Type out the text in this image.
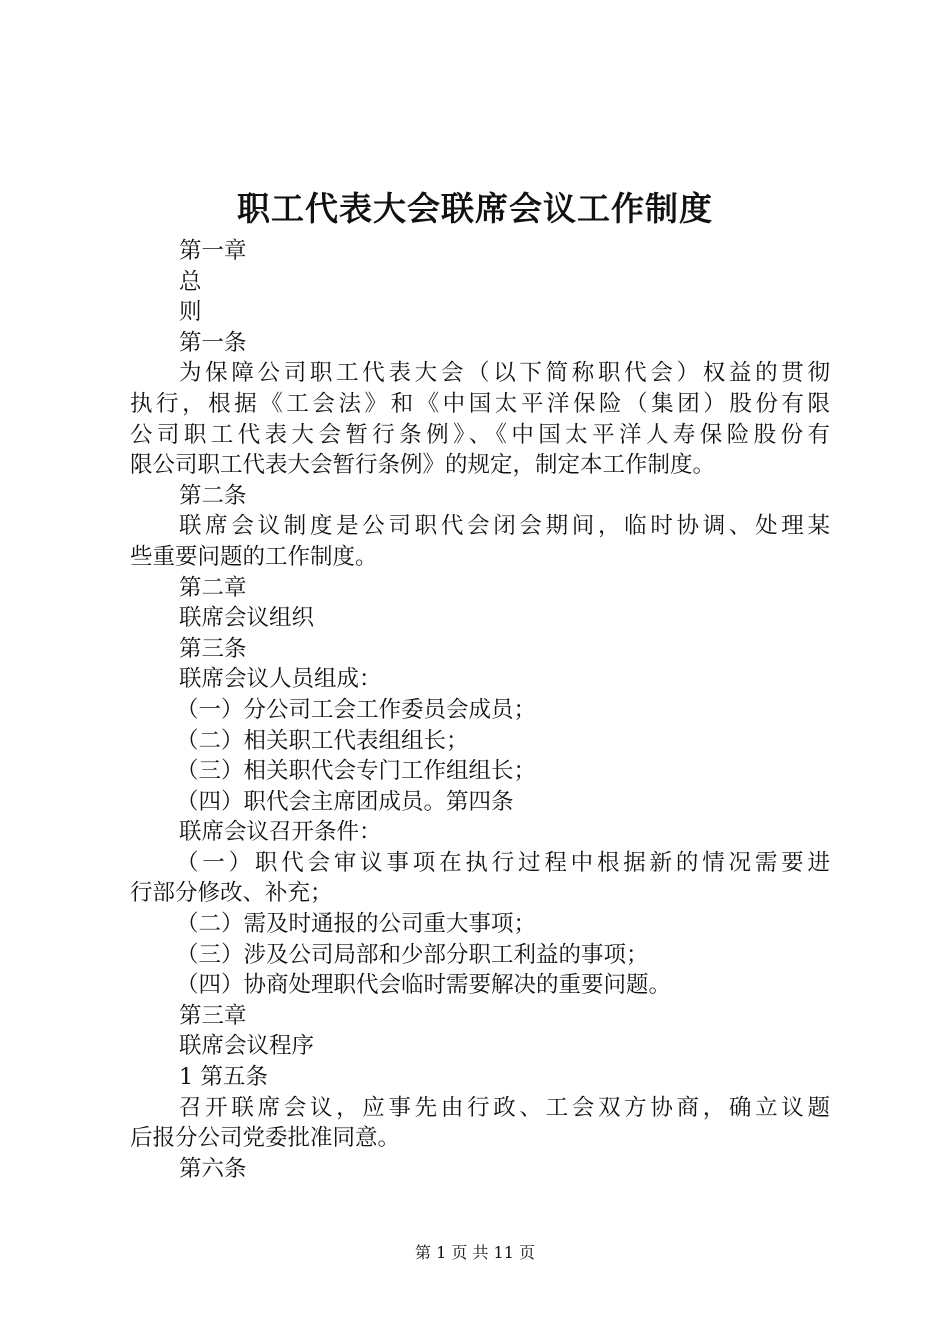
职工代表大会联席会议工作制度
第一章
总
则
第一条
为保障公司职工代表大会（以下简称职代会）权益的贯彻
执行，根据《工会法》和《中国太平洋保险（集团）股份有限
公司职工代表大会暂行条例》、《中国太平洋人寿保险股份有
限公司职工代表大会暂行条例》的规定，制定本工作制度。
第二条
联席会议制度是公司职代会闭会期间，临时协调、处理某
些重要问题的工作制度。
第二章
联席会议组织
第三条
联席会议人员组成：
（一）分公司工会工作委员会成员；
（二）相关职工代表组组长；
（三）相关职代会专门工作组组长；
（四）职代会主席团成员。第四条
联席会议召开条件：
（一）职代会审议事项在执行过程中根据新的情况需要进
行部分修改、补充；
（二）需及时通报的公司重大事项；
（三）涉及公司局部和少部分职工利益的事项；
（四）协商处理职代会临时需要解决的重要问题。
第三章
联席会议程序
1 第五条
召开联席会议，应事先由行政、工会双方协商，确立议题
后报分公司党委批准同意。
第六条
第 1 页 共 11 页
